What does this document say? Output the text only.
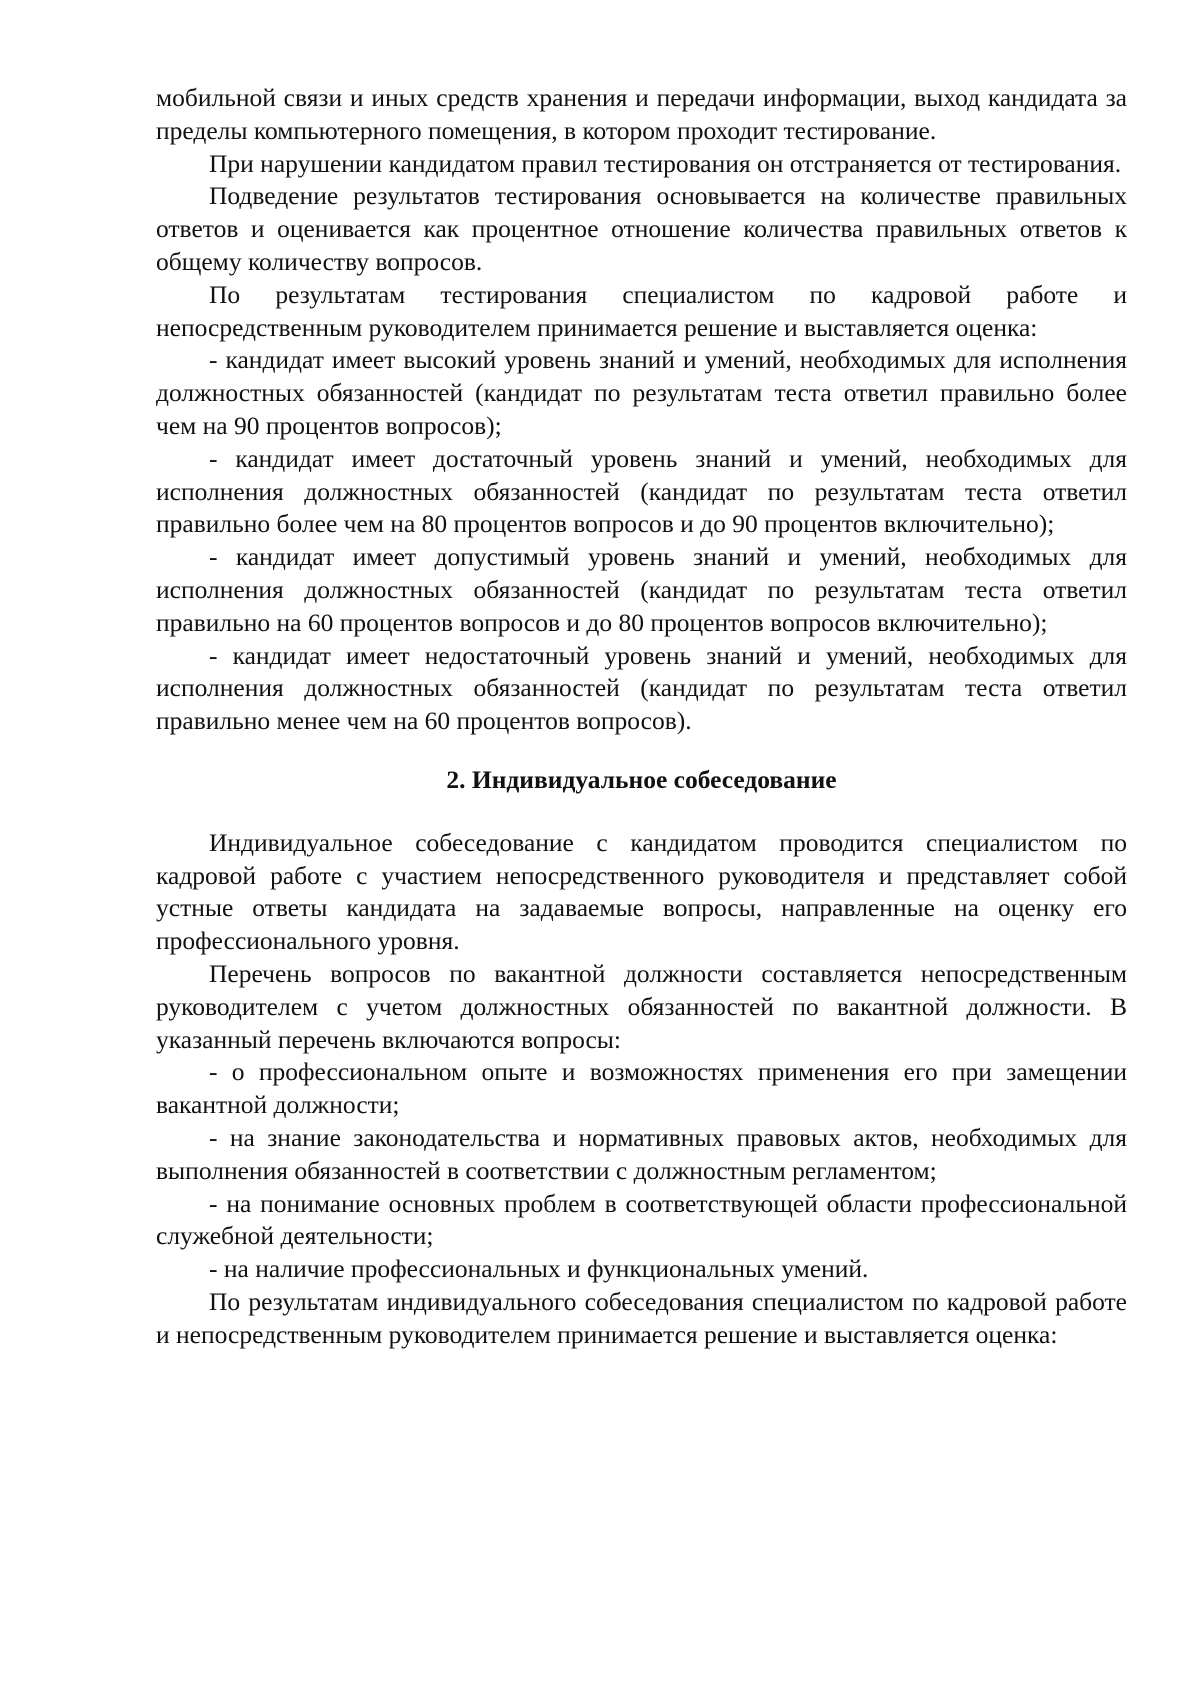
мобильной связи и иных средств хранения и передачи информации, выход кандидата за пределы компьютерного помещения, в котором проходит тестирование.

При нарушении кандидатом правил тестирования он отстраняется от тестирования.

Подведение результатов тестирования основывается на количестве правильных ответов и оценивается как процентное отношение количества правильных ответов к общему количеству вопросов.

По результатам тестирования специалистом по кадровой работе и непосредственным руководителем принимается решение и выставляется оценка:

- кандидат имеет высокий уровень знаний и умений, необходимых для исполнения должностных обязанностей (кандидат по результатам теста ответил правильно более чем на 90 процентов вопросов);

- кандидат имеет достаточный уровень знаний и умений, необходимых для исполнения должностных обязанностей (кандидат по результатам теста ответил правильно более чем на 80 процентов вопросов и до 90 процентов включительно);

- кандидат имеет допустимый уровень знаний и умений, необходимых для исполнения должностных обязанностей (кандидат по результатам теста ответил правильно на 60 процентов вопросов и до 80 процентов вопросов включительно);

- кандидат имеет недостаточный уровень знаний и умений, необходимых для исполнения должностных обязанностей (кандидат по результатам теста ответил правильно менее чем на 60 процентов вопросов).

2. Индивидуальное собеседование

Индивидуальное собеседование с кандидатом проводится специалистом по кадровой работе с участием непосредственного руководителя и представляет собой устные ответы кандидата на задаваемые вопросы, направленные на оценку его профессионального уровня.

Перечень вопросов по вакантной должности составляется непосредственным руководителем с учетом должностных обязанностей по вакантной должности. В указанный перечень включаются вопросы:

- о профессиональном опыте и возможностях применения его при замещении вакантной должности;

- на знание законодательства и нормативных правовых актов, необходимых для выполнения обязанностей в соответствии с должностным регламентом;

- на понимание основных проблем в соответствующей области профессиональной служебной деятельности;

- на наличие профессиональных и функциональных умений.

По результатам индивидуального собеседования специалистом по кадровой работе и непосредственным руководителем принимается решение и выставляется оценка:
